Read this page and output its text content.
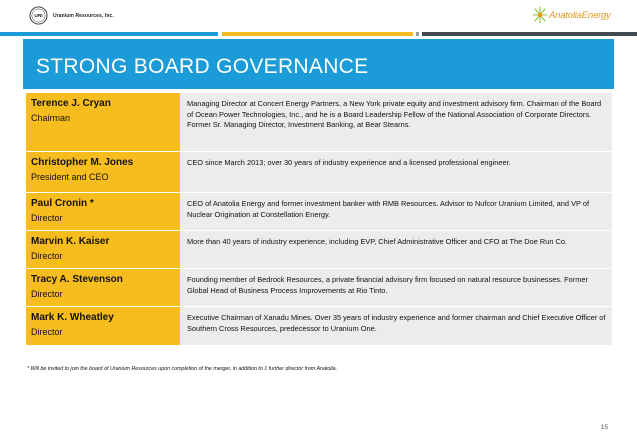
URI Uranium Resources, Inc.	AnatoliaEnergy
STRONG BOARD GOVERNANCE
Terence J. Cryan
Chairman
Managing Director at Concert Energy Partners, a New York private equity and investment advisory firm. Chairman of the Board of Ocean Power Technologies, Inc., and he is a Board Leadership Fellow of the National Association of Corporate Directors. Former Sr. Managing Director, Investment Banking, at Bear Stearns.
Christopher M. Jones
President and CEO
CEO since March 2013; over 30 years of industry experience and a licensed professional engineer.
Paul Cronin *
Director
CEO of Anatolia Energy and former investment banker with RMB Resources. Advisor to Nufcor Uranium Limited, and VP of Nuclear Origination at Constellation Energy.
Marvin K. Kaiser
Director
More than 40 years of industry experience, including EVP, Chief Administrative Officer and CFO at The Doe Run Co.
Tracy A. Stevenson
Director
Founding member of Bedrock Resources, a private financial advisory firm focused on natural resource businesses. Former Global Head of Business Process Improvements at Rio Tinto.
Mark K. Wheatley
Director
Executive Chairman of Xanadu Mines. Over 35 years of industry experience and former chairman and Chief Executive Officer of Southern Cross Resources, predecessor to Uranium One.
* Will be invited to join the board of Uranium Resources upon completion of the merger, in addition to 1 further director from Anatolia.
15
